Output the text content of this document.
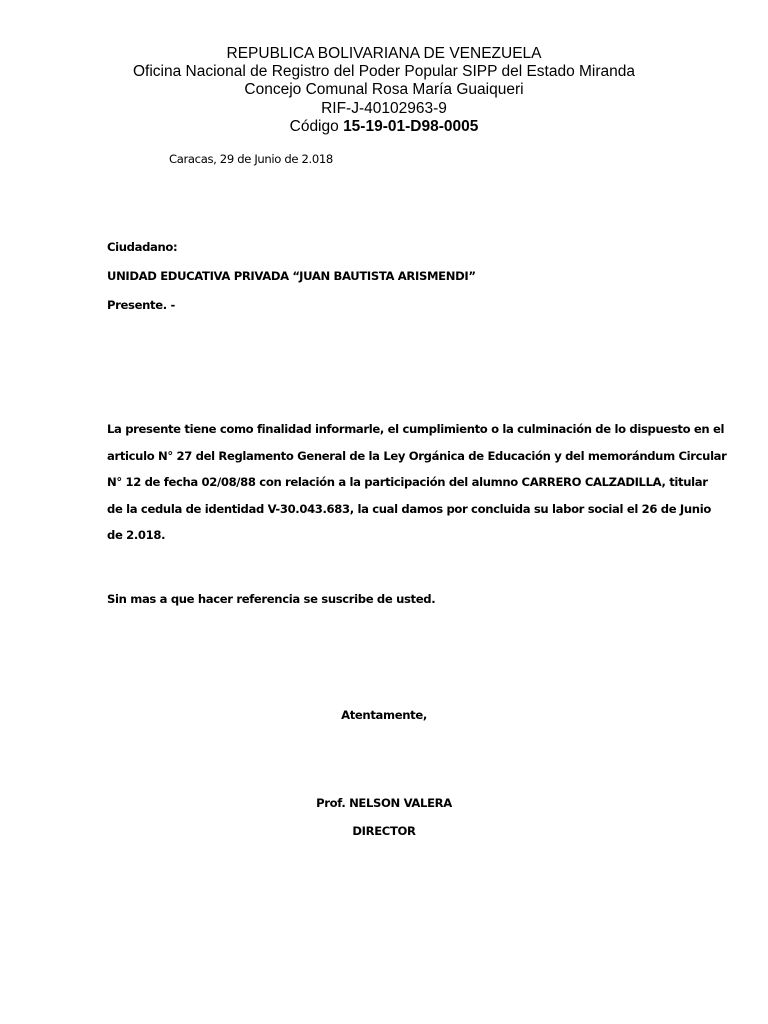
REPUBLICA BOLIVARIANA DE VENEZUELA
Oficina Nacional de Registro del Poder Popular SIPP del Estado Miranda
Concejo Comunal Rosa María Guaiqueri
RIF-J-40102963-9
Código 15-19-01-D98-0005
Caracas, 29 de Junio de 2.018
Ciudadano:
UNIDAD EDUCATIVA PRIVADA “JUAN BAUTISTA ARISMENDI”
Presente. -
La presente tiene como finalidad informarle, el cumplimiento o la culminación de lo dispuesto en el
articulo N° 27 del Reglamento General de la Ley Orgánica de Educación y del memorándum Circular
N° 12 de fecha 02/08/88 con relación a la participación del alumno CARRERO CALZADILLA, titular
de la cedula de identidad V-30.043.683, la cual damos por concluida su labor social el 26 de Junio
de 2.018.
Sin mas a que hacer referencia se suscribe de usted.
Atentamente,
Prof. NELSON VALERA
DIRECTOR
